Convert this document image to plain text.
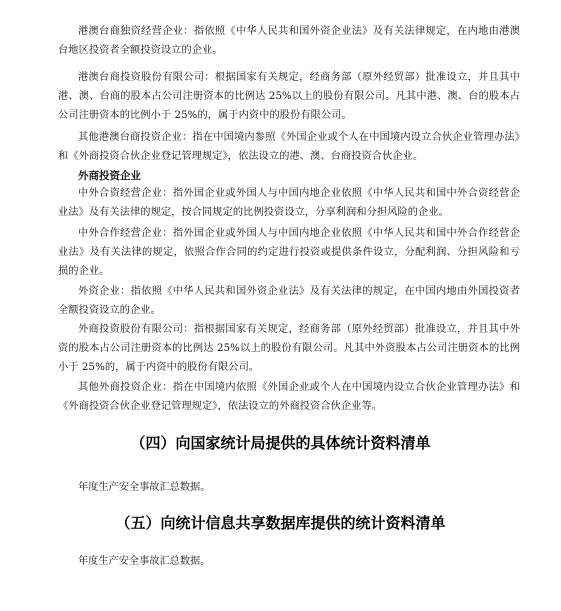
港澳台商独资经营企业：指依照《中华人民共和国外资企业法》及有关法律规定，在内地由港澳台地区投资者全额投资设立的企业。

港澳台商投资股份有限公司：根据国家有关规定，经商务部（原外经贸部）批准设立，并且其中港、澳、台商的股本占公司注册资本的比例达 25%以上的股份有限公司。凡其中港、澳、台的股本占公司注册资本的比例小于 25%的，属于内资中的股份有限公司。

其他港澳台商投资企业：指在中国境内参照《外国企业或个人在中国境内设立合伙企业管理办法》和《外商投资合伙企业登记管理规定》，依法设立的港、澳、台商投资合伙企业。

外商投资企业

中外合资经营企业：指外国企业或外国人与中国内地企业依照《中华人民共和国中外合资经营企业法》及有关法律的规定，按合同规定的比例投资设立，分享利润和分担风险的企业。

中外合作经营企业：指外国企业或外国人与中国内地企业依照《中华人民共和国中外合作经营企业法》及有关法律的规定，依照合作合同的约定进行投资或提供条件设立，分配利润、分担风险和亏损的企业。

外资企业：指依照《中华人民共和国外资企业法》及有关法律的规定，在中国内地由外国投资者全额投资设立的企业。

外商投资股份有限公司：指根据国家有关规定，经商务部（原外经贸部）批准设立，并且其中外资的股本占公司注册资本的比例达 25%以上的股份有限公司。凡其中外资股本占公司注册资本的比例小于 25%的，属于内资中的股份有限公司。

其他外商投资企业：指在中国境内依照《外国企业或个人在中国境内设立合伙企业管理办法》和《外商投资合伙企业登记管理规定》，依法设立的外商投资合伙企业等。

（四）向国家统计局提供的具体统计资料清单

年度生产安全事故汇总数据。

（五）向统计信息共享数据库提供的统计资料清单

年度生产安全事故汇总数据。
